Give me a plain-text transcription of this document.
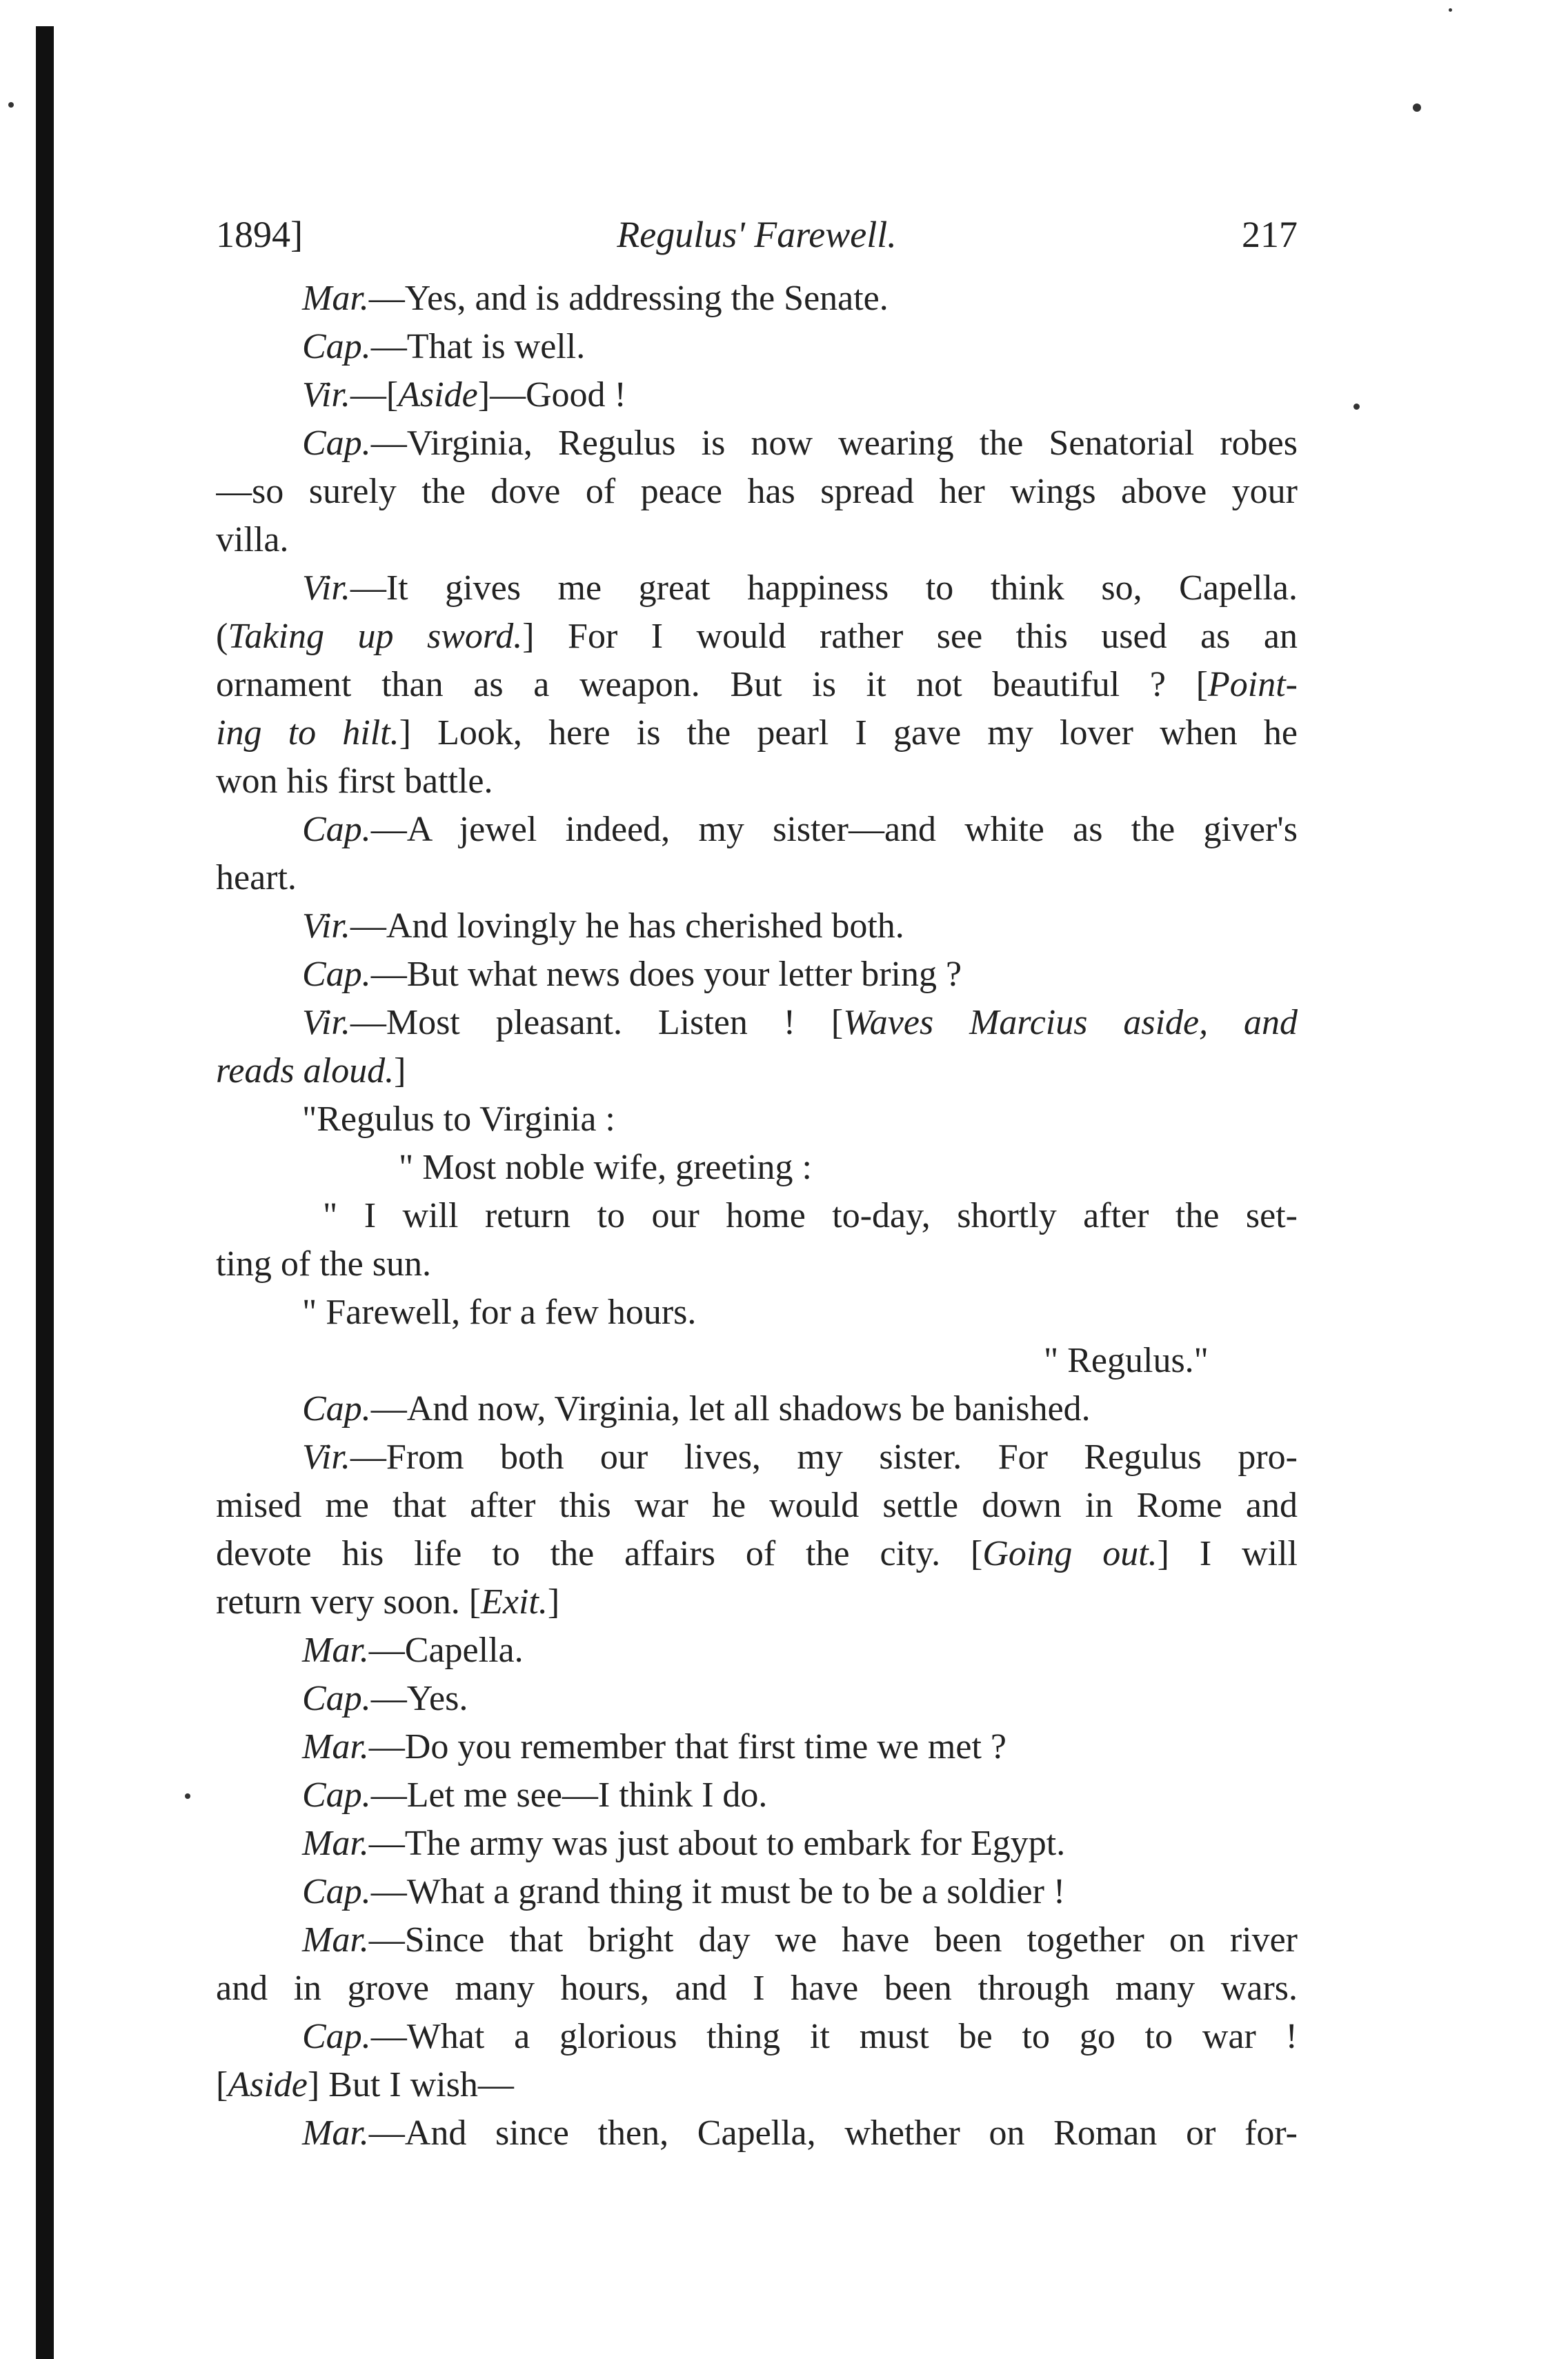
1894]	Regulus' Farewell.	217
Mar.—Yes, and is addressing the Senate.
Cap.—That is well.
Vir.—[Aside]—Good !
Cap.—Virginia, Regulus is now wearing the Senatorial robes
—so surely the dove of peace has spread her wings above your
villa.
Vir.—It gives me great happiness to think so, Capella.
(Taking up sword.] For I would rather see this used as an
ornament than as a weapon. But is it not beautiful ? [Point-
ing to hilt.] Look, here is the pearl I gave my lover when he
won his first battle.
Cap.—A jewel indeed, my sister—and white as the giver's
heart.
Vir.—And lovingly he has cherished both.
Cap.—But what news does your letter bring ?
Vir.—Most pleasant. Listen ! [Waves Marcius aside, and
reads aloud.]
"Regulus to Virginia :
" Most noble wife, greeting :
" I will return to our home to-day, shortly after the set-
ting of the sun.
" Farewell, for a few hours.
" Regulus."
Cap.—And now, Virginia, let all shadows be banished.
Vir.—From both our lives, my sister. For Regulus pro-
mised me that after this war he would settle down in Rome and
devote his life to the affairs of the city. [Going out.] I will
return very soon. [Exit.]
Mar.—Capella.
Cap.—Yes.
Mar.—Do you remember that first time we met ?
Cap.—Let me see—I think I do.
Mar.—The army was just about to embark for Egypt.
Cap.—What a grand thing it must be to be a soldier !
Mar.—Since that bright day we have been together on river
and in grove many hours, and I have been through many wars.
Cap.—What a glorious thing it must be to go to war !
[Aside] But I wish—
Mar.—And since then, Capella, whether on Roman or for-
